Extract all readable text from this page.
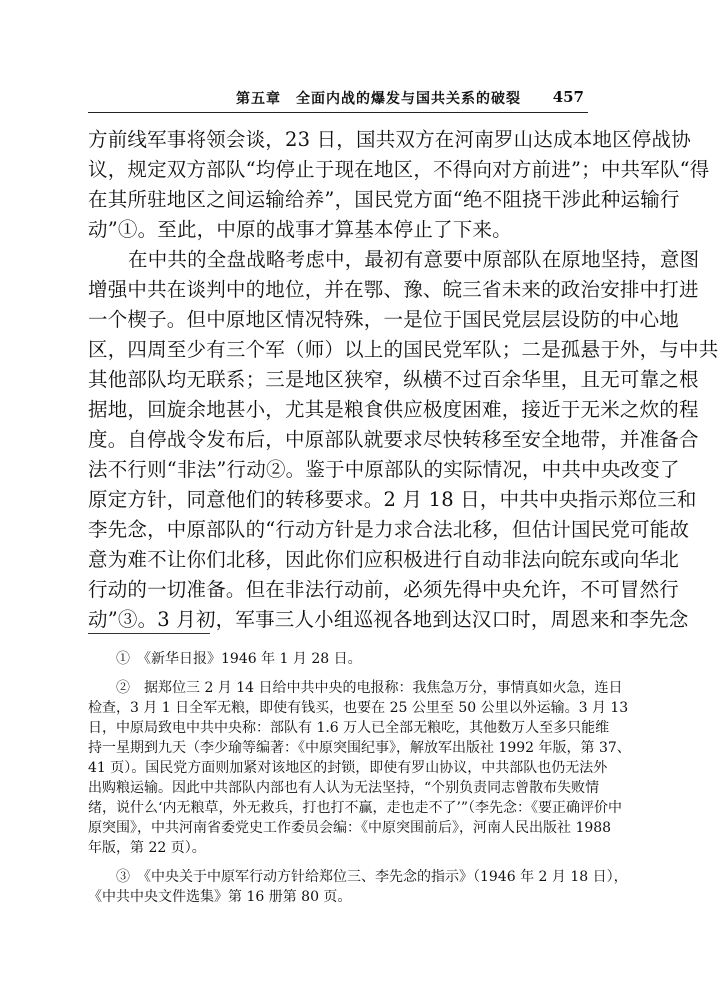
第五章　全面内战的爆发与国共关系的破裂 457
方前线军事将领会谈，23 日，国共双方在河南罗山达成本地区停战协
议，规定双方部队“均停止于现在地区，不得向对方前进”；中共军队“得
在其所驻地区之间运输给养”，国民党方面“绝不阻挠干涉此种运输行
动”①。至此，中原的战事才算基本停止了下来。
在中共的全盘战略考虑中，最初有意要中原部队在原地坚持，意图
增强中共在谈判中的地位，并在鄂、豫、皖三省未来的政治安排中打进
一个楔子。但中原地区情况特殊，一是位于国民党层层设防的中心地
区，四周至少有三个军（师）以上的国民党军队；二是孤悬于外，与中共
其他部队均无联系；三是地区狭窄，纵横不过百余华里，且无可靠之根
据地，回旋余地甚小，尤其是粮食供应极度困难，接近于无米之炊的程
度。自停战令发布后，中原部队就要求尽快转移至安全地带，并准备合
法不行则“非法”行动②。鉴于中原部队的实际情况，中共中央改变了
原定方针，同意他们的转移要求。2 月 18 日，中共中央指示郑位三和
李先念，中原部队的“行动方针是力求合法北移，但估计国民党可能故
意为难不让你们北移，因此你们应积极进行自动非法向皖东或向华北
行动的一切准备。但在非法行动前，必须先得中央允许，不可冒然行
动”③。3 月初，军事三人小组巡视各地到达汉口时，周恩来和李先念
①　《新华日报》1946 年 1 月 28 日。
②　据郑位三 2 月 14 日给中共中央的电报称：我焦急万分，事情真如火急，连日
检查，3 月 1 日全军无粮，即使有钱买，也要在 25 公里至 50 公里以外运输。3 月 13
日，中原局致电中共中央称：部队有 1.6 万人已全部无粮吃，其他数万人至多只能维
持一星期到九天（李少瑜等编著：《中原突围纪事》，解放军出版社 1992 年版，第 37、
41 页）。国民党方面则加紧对该地区的封锁，即使有罗山协议，中共部队也仍无法外
出购粮运输。因此中共部队内部也有人认为无法坚持，“个别负责同志曾散布失败情
绪，说什么‘内无粮草，外无救兵，打也打不赢，走也走不了’”（李先念：《要正确评价中
原突围》，中共河南省委党史工作委员会编：《中原突围前后》，河南人民出版社 1988
年版，第 22 页）。
③　《中央关于中原军行动方针给郑位三、李先念的指示》（1946 年 2 月 18 日），
《中共中央文件选集》第 16 册第 80 页。
